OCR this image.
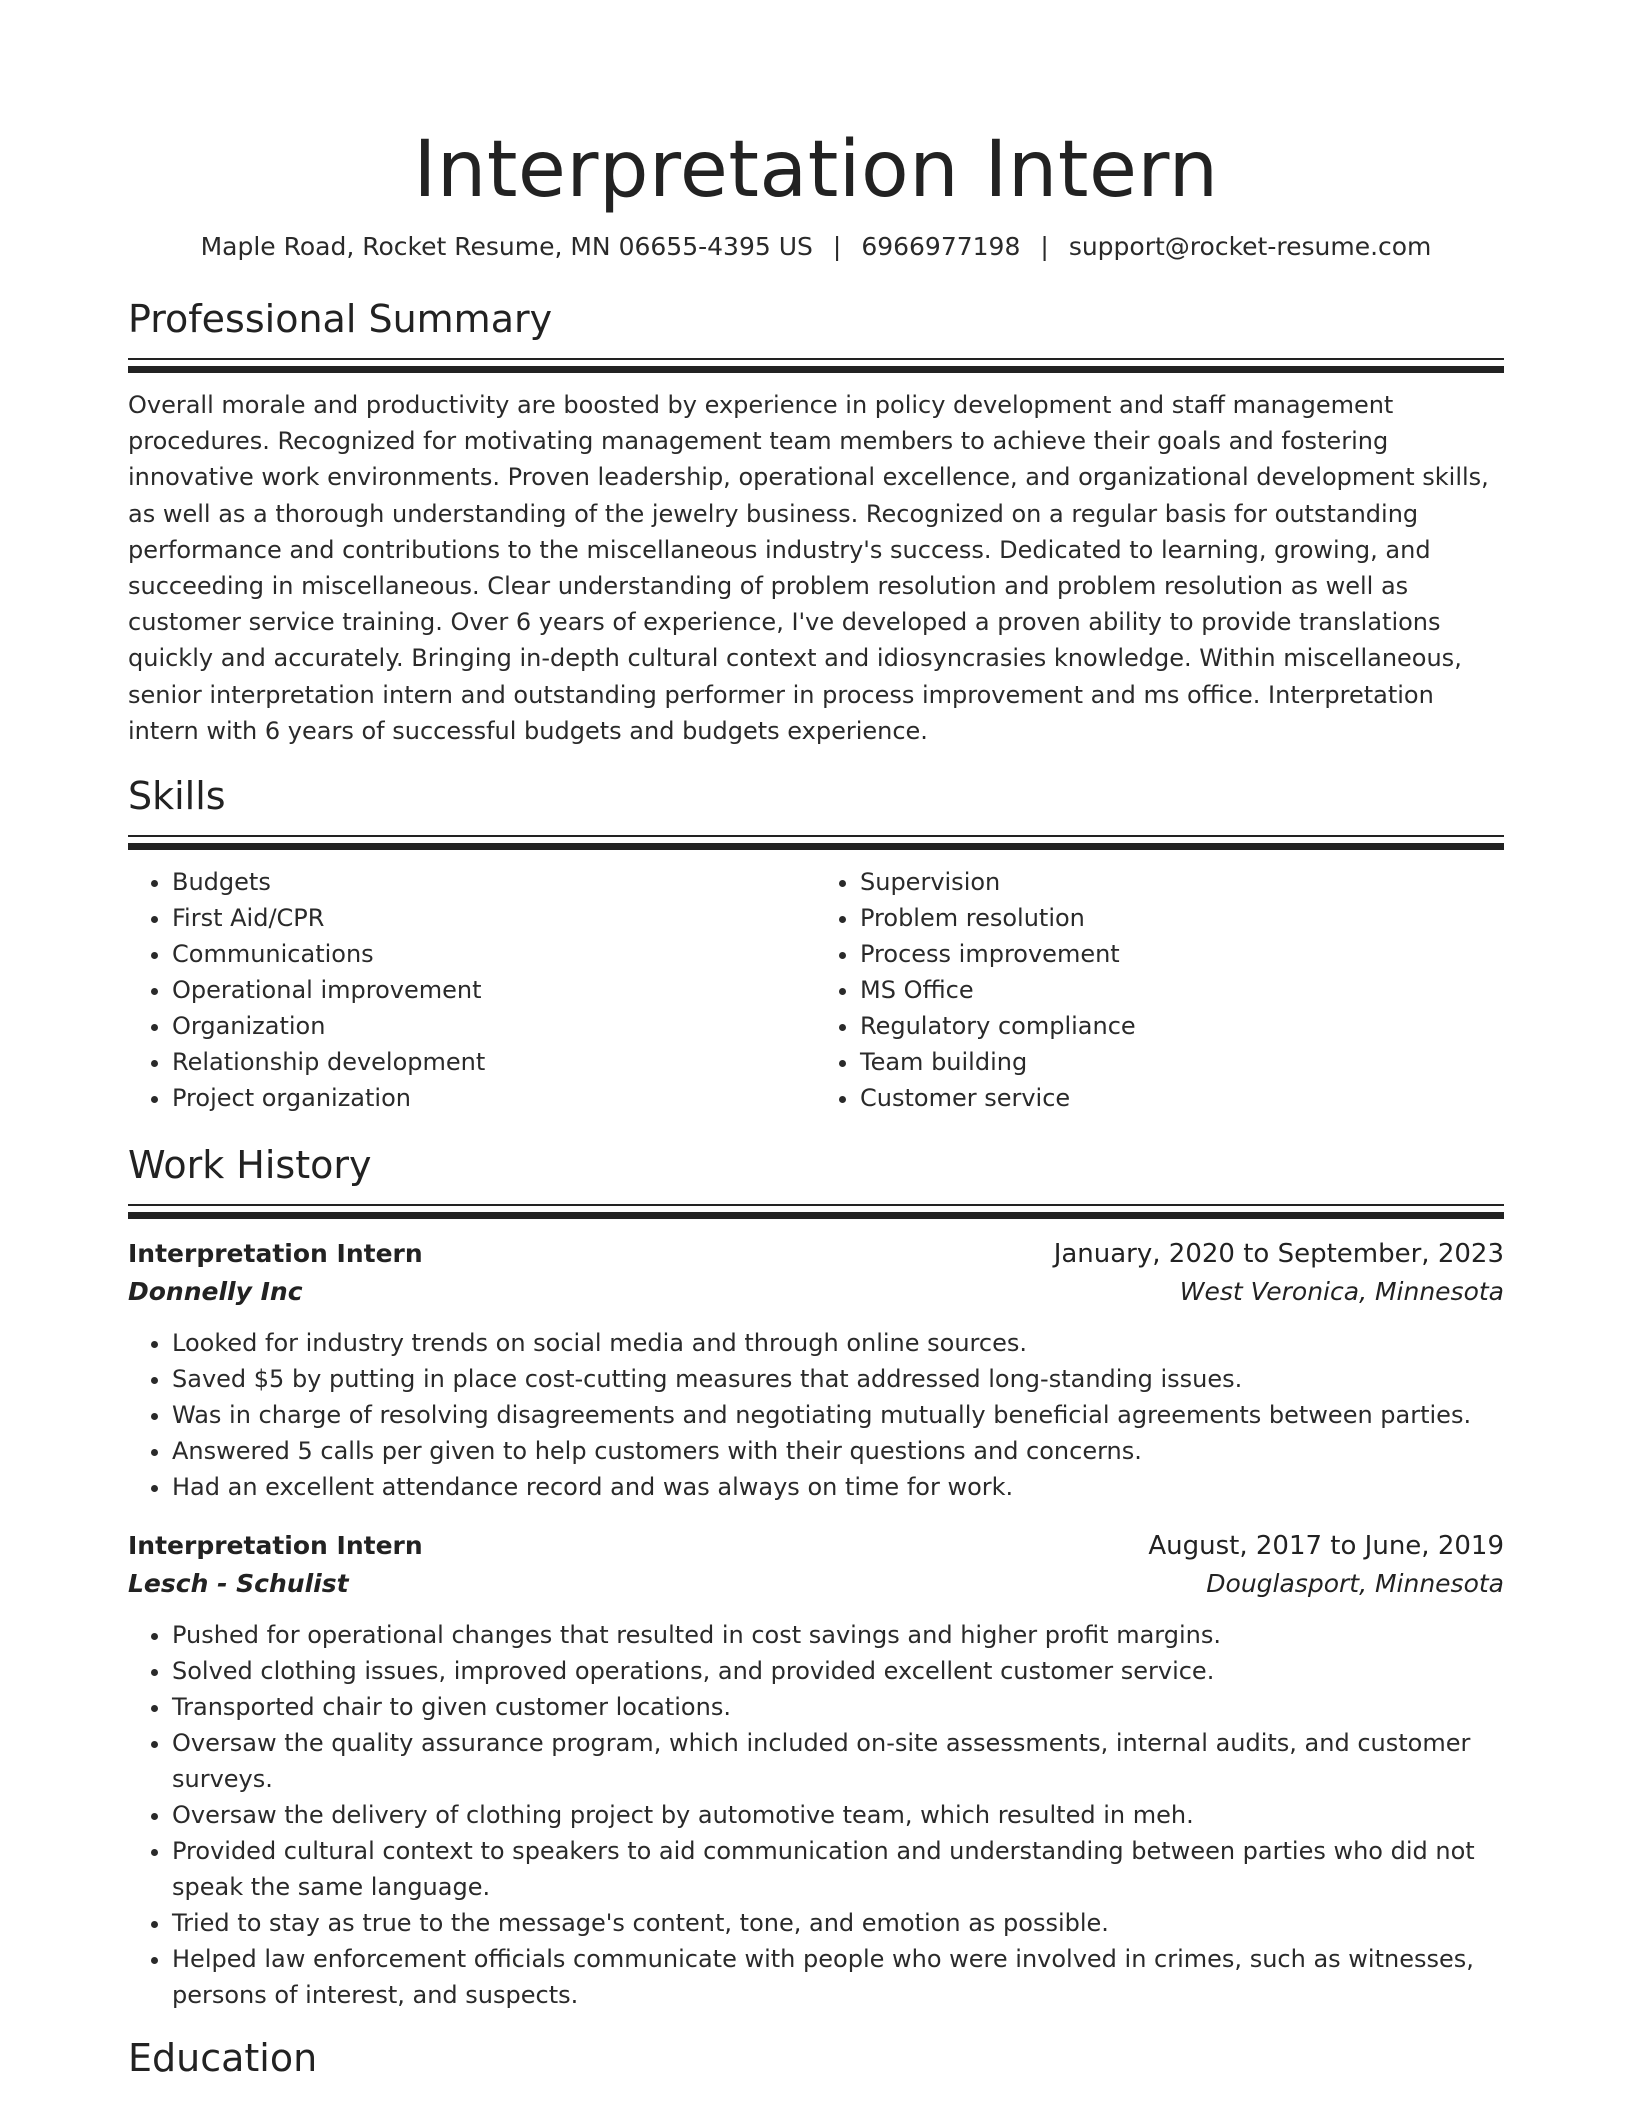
Interpretation Intern
Maple Road, Rocket Resume, MN 06655-4395 US | 6966977198 | support@rocket-resume.com
Professional Summary

Overall morale and productivity are boosted by experience in policy development and staff management procedures. Recognized for motivating management team members to achieve their goals and fostering innovative work environments. Proven leadership, operational excellence, and organizational development skills, as well as a thorough understanding of the jewelry business. Recognized on a regular basis for outstanding performance and contributions to the miscellaneous industry's success. Dedicated to learning, growing, and succeeding in miscellaneous. Clear understanding of problem resolution and problem resolution as well as customer service training. Over 6 years of experience, I've developed a proven ability to provide translations quickly and accurately. Bringing in-depth cultural context and idiosyncrasies knowledge. Within miscellaneous, senior interpretation intern and outstanding performer in process improvement and ms office. Interpretation intern with 6 years of successful budgets and budgets experience.

Skills
• Budgets
• First Aid/CPR
• Communications
• Operational improvement
• Organization
• Relationship development
• Project organization
• Supervision
• Problem resolution
• Process improvement
• MS Office
• Regulatory compliance
• Team building
• Customer service
Work History
Interpretation Intern	January, 2020 to September, 2023
Donnelly Inc	West Veronica, Minnesota
• Looked for industry trends on social media and through online sources.
• Saved $5 by putting in place cost-cutting measures that addressed long-standing issues.
• Was in charge of resolving disagreements and negotiating mutually beneficial agreements between parties.
• Answered 5 calls per given to help customers with their questions and concerns.
• Had an excellent attendance record and was always on time for work.
Interpretation Intern	August, 2017 to June, 2019
Lesch - Schulist	Douglasport, Minnesota
• Pushed for operational changes that resulted in cost savings and higher profit margins.
• Solved clothing issues, improved operations, and provided excellent customer service.
• Transported chair to given customer locations.
• Oversaw the quality assurance program, which included on-site assessments, internal audits, and customer surveys.
• Oversaw the delivery of clothing project by automotive team, which resulted in meh.
• Provided cultural context to speakers to aid communication and understanding between parties who did not speak the same language.
• Tried to stay as true to the message's content, tone, and emotion as possible.
• Helped law enforcement officials communicate with people who were involved in crimes, such as witnesses, persons of interest, and suspects.
Education
